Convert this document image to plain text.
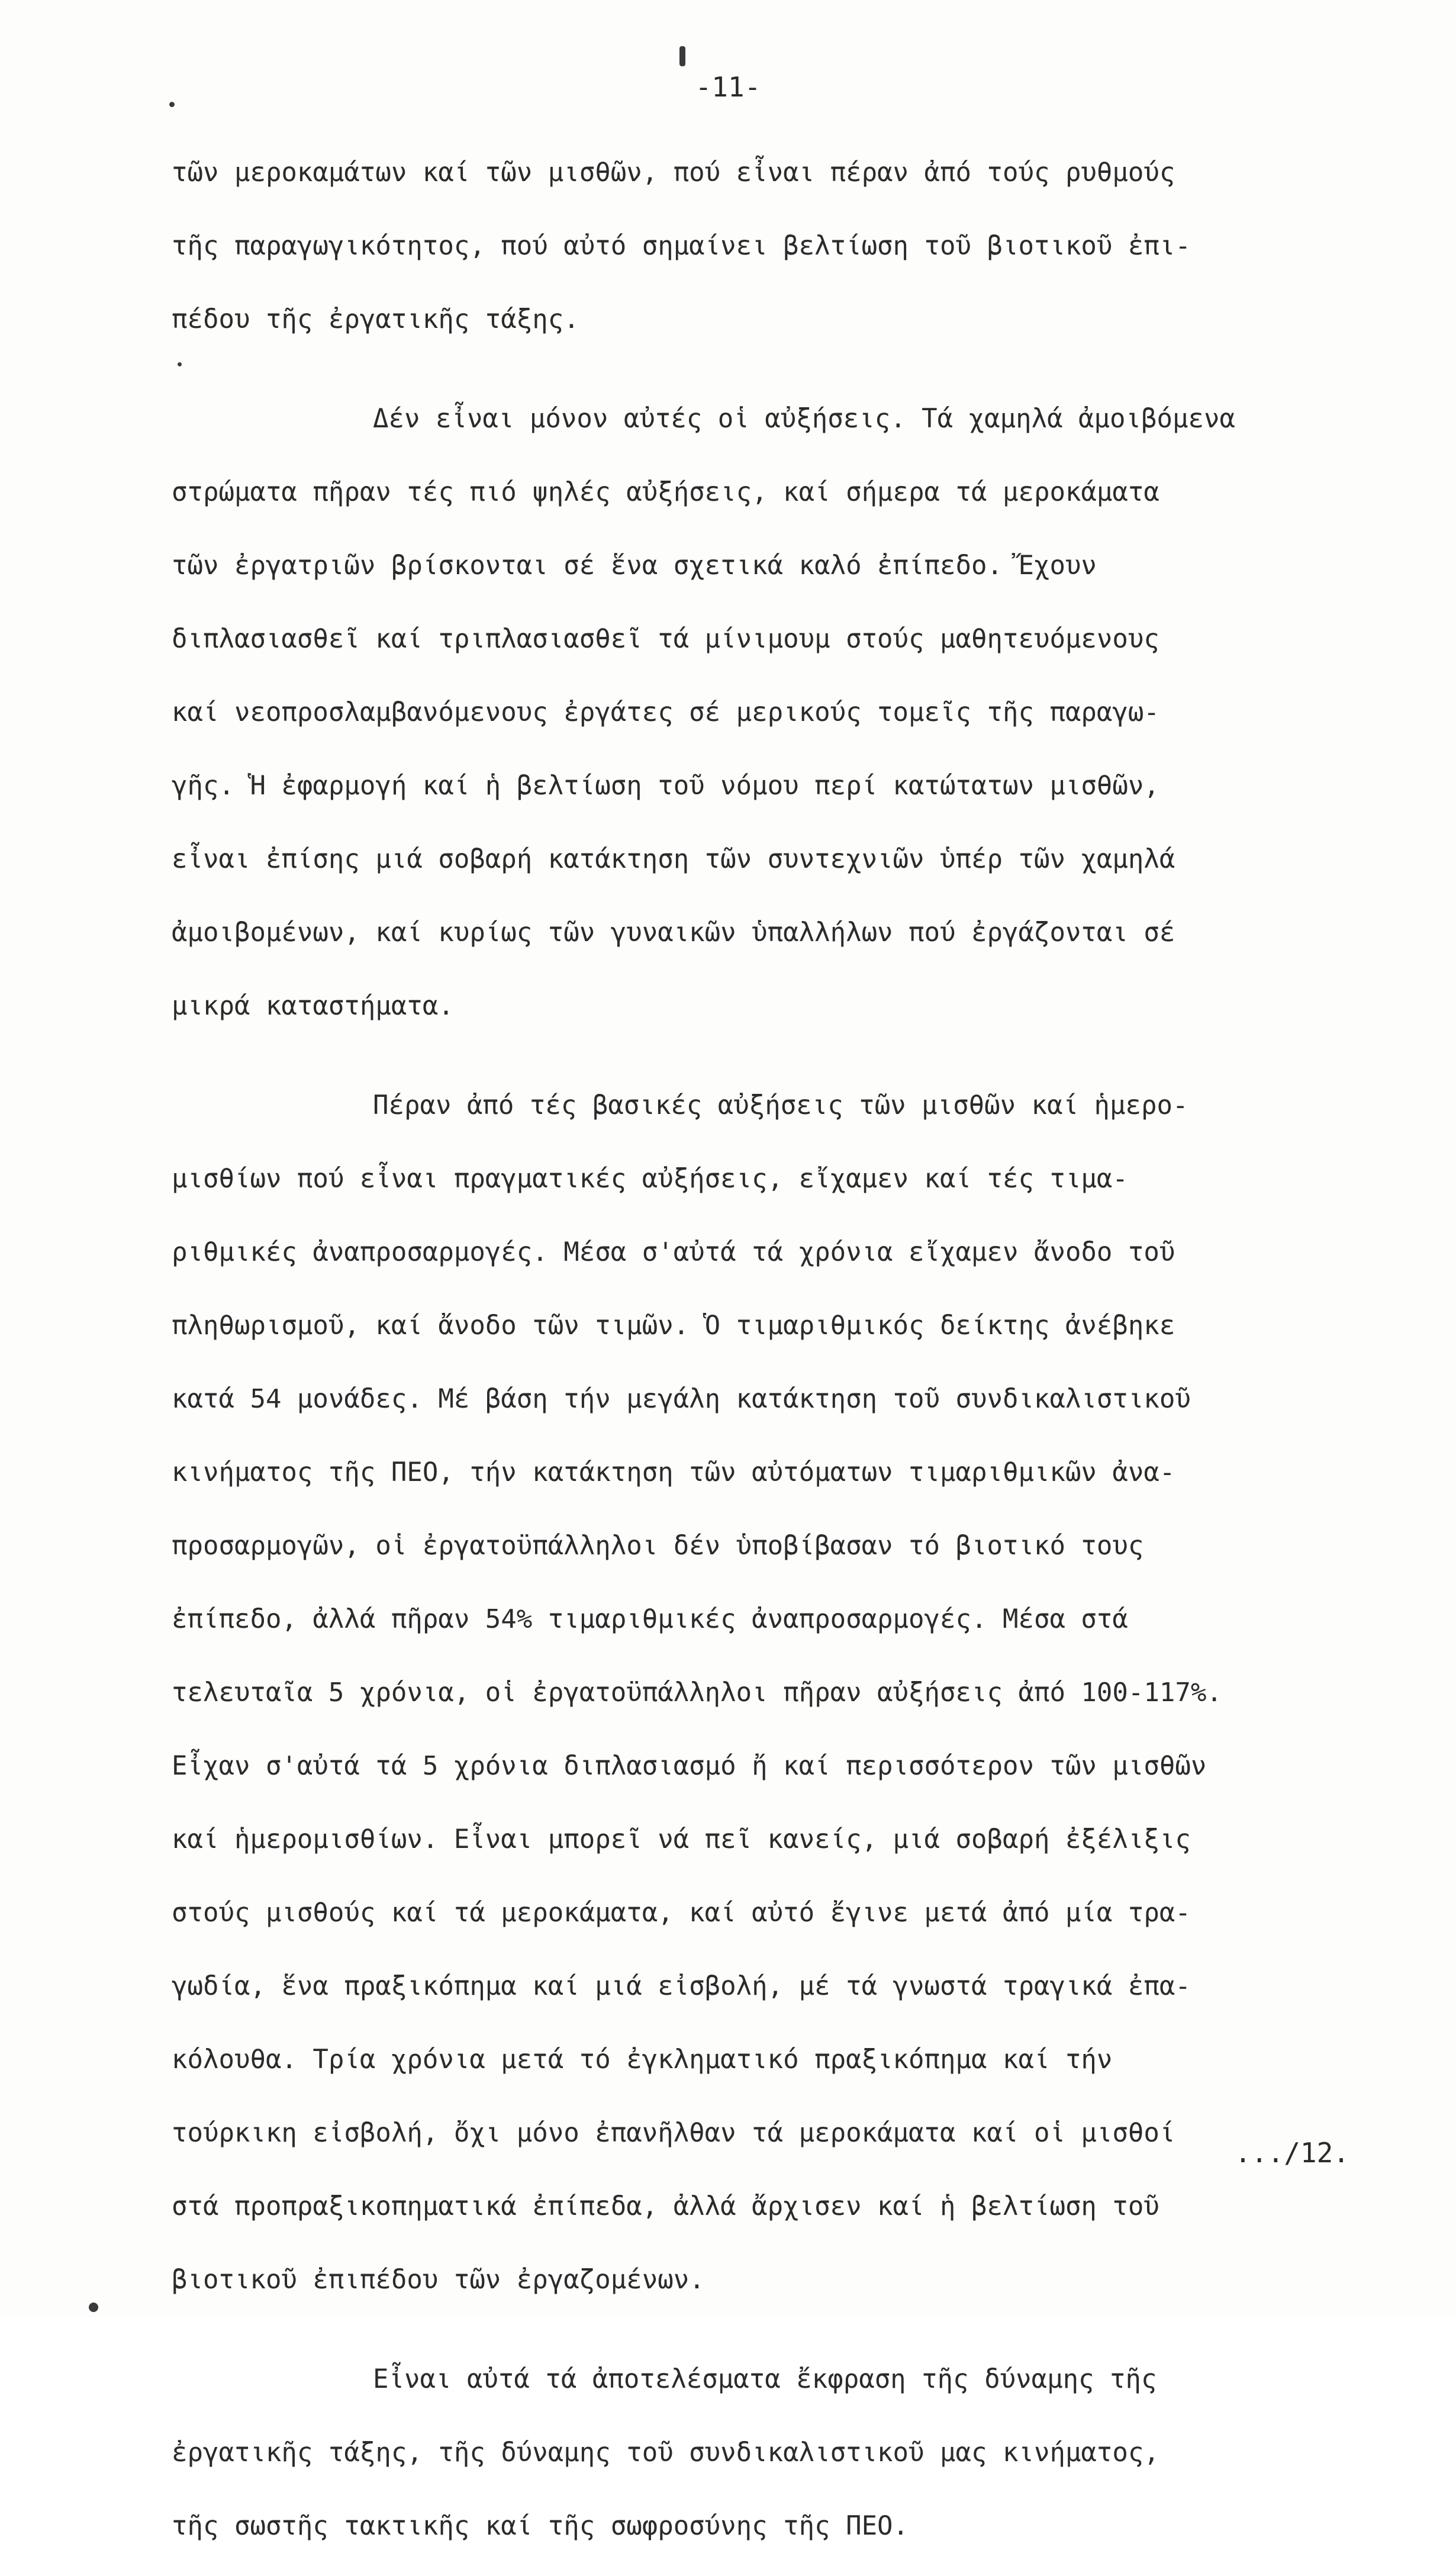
-11-
τῶν μεροκαμάτων καί τῶν μισθῶν, πού εἶναι πέραν ἀπό τούς ρυθμούς
τῆς παραγωγικότητος, πού αὐτό σημαίνει βελτίωση τοῦ βιοτικοῦ ἐπι-
πέδου τῆς ἐργατικῆς τάξης.
Δέν εἶναι μόνον αὐτές οἱ αὐξήσεις. Τά χαμηλά ἀμοιβόμενα
στρώματα πῆραν τές πιό ψηλές αὐξήσεις, καί σήμερα τά μεροκάματα
τῶν ἐργατριῶν βρίσκονται σέ ἕνα σχετικά καλό ἐπίπεδο. Ἔχουν
διπλασιασθεῖ καί τριπλασιασθεῖ τά μίνιμουμ στούς μαθητευόμενους
καί νεοπροσλαμβανόμενους ἐργάτες σέ μερικούς τομεῖς τῆς παραγω-
γῆς. Ἡ ἐφαρμογή καί ἡ βελτίωση τοῦ νόμου περί κατώτατων μισθῶν,
εἶναι ἐπίσης μιά σοβαρή κατάκτηση τῶν συντεχνιῶν ὑπέρ τῶν χαμηλά
ἀμοιβομένων, καί κυρίως τῶν γυναικῶν ὑπαλλήλων πού ἐργάζονται σέ
μικρά καταστήματα.
Πέραν ἀπό τές βασικές αὐξήσεις τῶν μισθῶν καί ἡμερο-
μισθίων πού εἶναι πραγματικές αὐξήσεις, εἴχαμεν καί τές τιμα-
ριθμικές ἀναπροσαρμογές. Μέσα σ'αὐτά τά χρόνια εἴχαμεν ἄνοδο τοῦ
πληθωρισμοῦ, καί ἄνοδο τῶν τιμῶν. Ὁ τιμαριθμικός δείκτης ἀνέβηκε
κατά 54 μονάδες. Μέ βάση τήν μεγάλη κατάκτηση τοῦ συνδικαλιστικοῦ
κινήματος τῆς ΠΕΟ, τήν κατάκτηση τῶν αὐτόματων τιμαριθμικῶν ἀνα-
προσαρμογῶν, οἱ ἐργατοϋπάλληλοι δέν ὑποβίβασαν τό βιοτικό τους
ἐπίπεδο, ἀλλά πῆραν 54% τιμαριθμικές ἀναπροσαρμογές. Μέσα στά
τελευταῖα 5 χρόνια, οἱ ἐργατοϋπάλληλοι πῆραν αὐξήσεις ἀπό 100-117%.
Εἶχαν σ'αὐτά τά 5 χρόνια διπλασιασμό ἤ καί περισσότερον τῶν μισθῶν
καί ἡμερομισθίων. Εἶναι μπορεῖ νά πεῖ κανείς, μιά σοβαρή ἐξέλιξις
στούς μισθούς καί τά μεροκάματα, καί αὐτό ἔγινε μετά ἀπό μία τρα-
γωδία, ἕνα πραξικόπημα καί μιά εἰσβολή, μέ τά γνωστά τραγικά ἐπα-
κόλουθα. Τρία χρόνια μετά τό ἐγκληματικό πραξικόπημα καί τήν
τούρκικη εἰσβολή, ὄχι μόνο ἐπανῆλθαν τά μεροκάματα καί οἱ μισθοί
στά προπραξικοπηματικά ἐπίπεδα, ἀλλά ἄρχισεν καί ἡ βελτίωση τοῦ
βιοτικοῦ ἐπιπέδου τῶν ἐργαζομένων.
Εἶναι αὐτά τά ἀποτελέσματα ἔκφραση τῆς δύναμης τῆς
ἐργατικῆς τάξης, τῆς δύναμης τοῦ συνδικαλιστικοῦ μας κινήματος,
τῆς σωστῆς τακτικῆς καί τῆς σωφροσύνης τῆς ΠΕΟ.
.../12.
